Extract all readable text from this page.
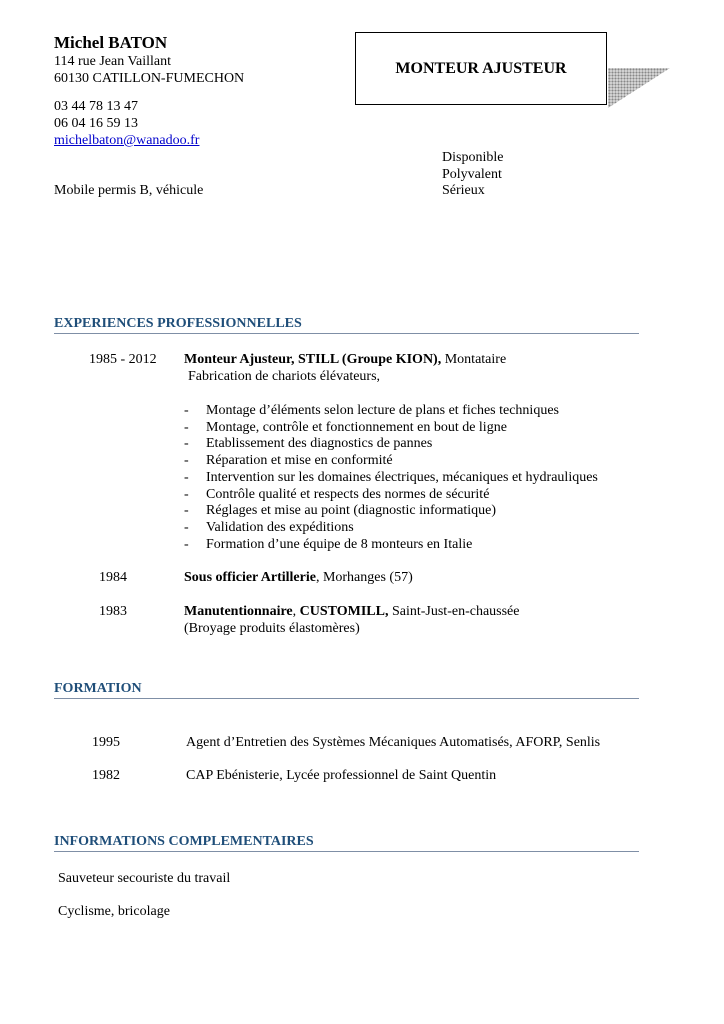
Michel BATON
114 rue Jean Vaillant
60130 CATILLON-FUMECHON
03 44 78 13 47
06 04 16 59 13
michelbaton@wanadoo.fr
Mobile permis B, véhicule
MONTEUR AJUSTEUR
Disponible
Polyvalent
Sérieux
EXPERIENCES PROFESSIONNELLES
1985 - 2012 Monteur Ajusteur, STILL (Groupe KION), Montataire
Fabrication de chariots élévateurs,
- Montage d’éléments selon lecture de plans et fiches techniques
- Montage, contrôle et fonctionnement en bout de ligne
- Etablissement des diagnostics de pannes
- Réparation et mise en conformité
- Intervention sur les domaines électriques, mécaniques et hydrauliques
- Contrôle qualité et respects des normes de sécurité
- Réglages et mise au point (diagnostic informatique)
- Validation des expéditions
- Formation d’une équipe de 8 monteurs en Italie
1984	Sous officier Artillerie, Morhanges (57)
1983	Manutentionnaire, CUSTOMILL, Saint-Just-en-chaussée
(Broyage produits élastomères)
FORMATION
1995	Agent d’Entretien des Systèmes Mécaniques Automatisés, AFORP, Senlis
1982	CAP Ebénisterie, Lycée professionnel de Saint Quentin
INFORMATIONS COMPLEMENTAIRES
Sauveteur secouriste du travail
Cyclisme, bricolage
